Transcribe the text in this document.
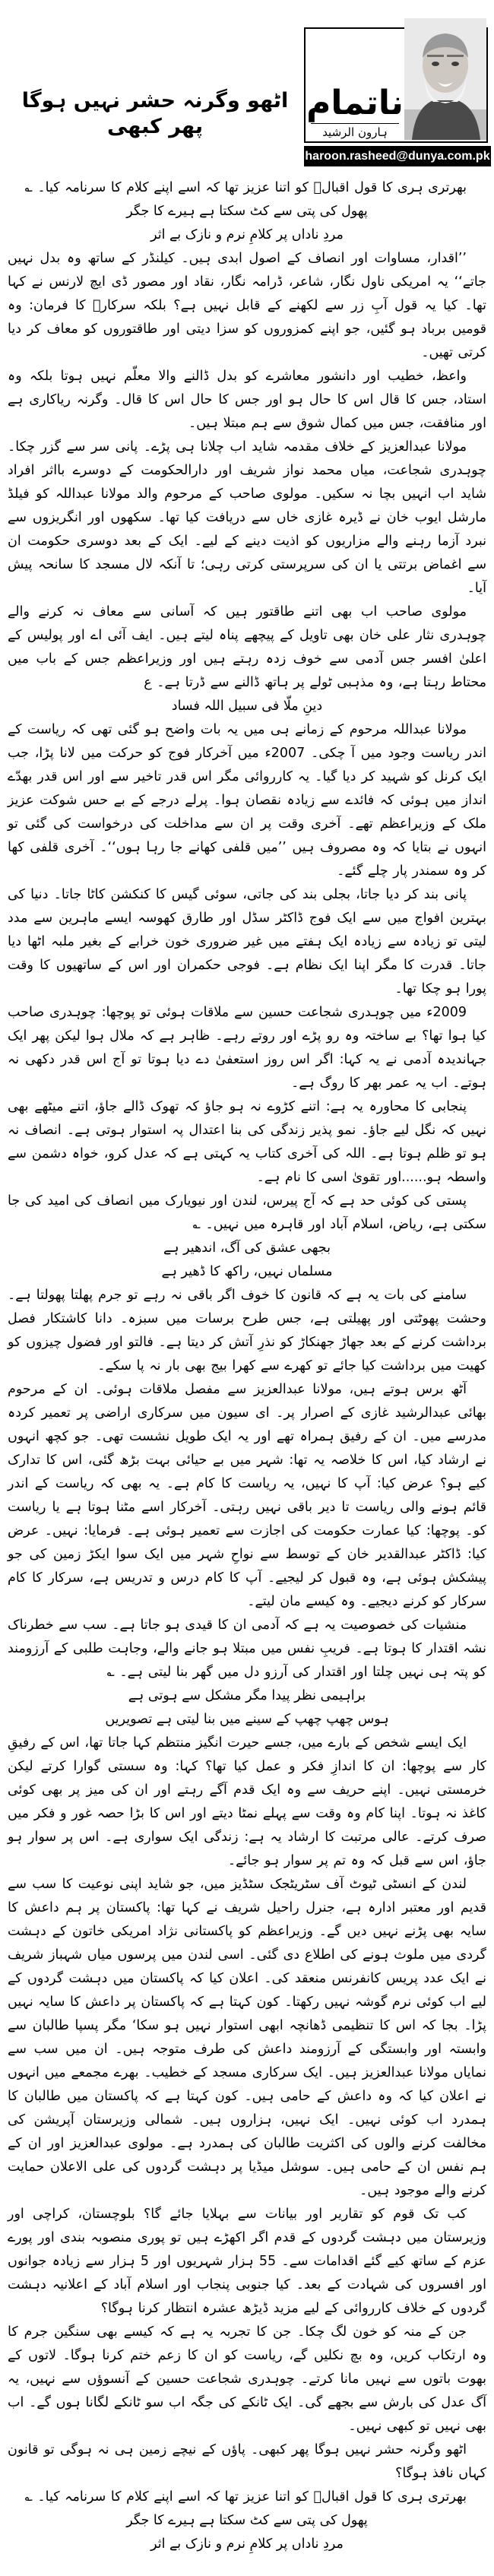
اٹھو وگرنہ حشر نہیں ہوگا پھر کبھی
ناتمام
ہارون الرشید
haroon.rasheed@dunya.com.pk

بھرتری ہری کا قول اقبالؔ کو اتنا عزیز تھا کہ اسے اپنے کلام کا سرنامہ کیا۔ ؎

پھول کی پتی سے کٹ سکتا ہے ہیرے کا جگر
مردِ ناداں پر کلامِ نرم و نازک بے اثر

’’اقدار، مساوات اور انصاف کے اصول ابدی ہیں۔ کیلنڈر کے ساتھ وہ بدل نہیں جاتے‘‘ یہ امریکی ناول نگار، شاعر، ڈرامہ نگار، نقاد اور مصور ڈی ایچ لارنس نے کہا تھا۔ کیا یہ قول آبِ زر سے لکھنے کے قابل نہیں ہے؟ بلکہ سرکارؐ کا فرمان: وہ قومیں برباد ہو گئیں، جو اپنے کمزوروں کو سزا دیتی اور طاقتوروں کو معاف کر دیا کرتی تھیں۔

واعظ، خطیب اور دانشور معاشرے کو بدل ڈالنے والا معلّم نہیں ہوتا بلکہ وہ استاد، جس کا قال اس کا حال ہو اور جس کا حال اس کا قال۔ وگرنہ ریاکاری ہے اور منافقت، جس میں کمال شوق سے ہم مبتلا ہیں۔

مولانا عبدالعزیز کے خلاف مقدمہ شاید اب چلانا ہی پڑے۔ پانی سر سے گزر چکا۔ چوہدری شجاعت، میاں محمد نواز شریف اور دارالحکومت کے دوسرے بااثر افراد شاید اب انہیں بچا نہ سکیں۔ مولوی صاحب کے مرحوم والد مولانا عبداللہ کو فیلڈ مارشل ایوب خان نے ڈیرہ غازی خاں سے دریافت کیا تھا۔ سکھوں اور انگریزوں سے نبرد آزما رہنے والے مزاریوں کو اذیت دینے کے لیے۔ ایک کے بعد دوسری حکومت ان سے اغماض برتتی یا ان کی سرپرستی کرتی رہی؛ تا آنکہ لال مسجد کا سانحہ پیش آیا۔

مولوی صاحب اب بھی اتنے طاقتور ہیں کہ آسانی سے معاف نہ کرنے والے چوہدری نثار علی خان بھی تاویل کے پیچھے پناہ لیتے ہیں۔ ایف آئی اے اور پولیس کے اعلیٰ افسر جس آدمی سے خوف زدہ رہتے ہیں اور وزیراعظم جس کے باب میں محتاط رہتا ہے، وہ مذہبی ٹولے پر ہاتھ ڈالنے سے ڈرتا ہے۔ ع

دینِ ملّا فی سبیل اللہ فساد

مولانا عبداللہ مرحوم کے زمانے ہی میں یہ بات واضح ہو گئی تھی کہ ریاست کے اندر ریاست وجود میں آ چکی۔ 2007ء میں آخرکار فوج کو حرکت میں لانا پڑا، جب ایک کرنل کو شہید کر دیا گیا۔ یہ کارروائی مگر اس قدر تاخیر سے اور اس قدر بھدّے انداز میں ہوئی کہ فائدے سے زیادہ نقصان ہوا۔ پرلے درجے کے بے حس شوکت عزیز ملک کے وزیراعظم تھے۔ آخری وقت پر ان سے مداخلت کی درخواست کی گئی تو انہوں نے بتایا کہ وہ مصروف ہیں ’’میں قلفی کھانے جا رہا ہوں‘‘۔ آخری قلفی کھا کر وہ سمندر پار چلے گئے۔

پانی بند کر دیا جاتا، بجلی بند کی جاتی، سوئی گیس کا کنکشن کاٹا جاتا۔ دنیا کی بہترین افواج میں سے ایک فوج ڈاکٹر سڈل اور طارق کھوسہ ایسے ماہرین سے مدد لیتی تو زیادہ سے زیادہ ایک ہفتے میں غیر ضروری خون خرابے کے بغیر ملبہ اٹھا دیا جاتا۔ قدرت کا مگر اپنا ایک نظام ہے۔ فوجی حکمران اور اس کے ساتھیوں کا وقت پورا ہو چکا تھا۔

2009ء میں چوہدری شجاعت حسین سے ملاقات ہوئی تو پوچھا: چوہدری صاحب کیا ہوا تھا؟ بے ساختہ وہ رو پڑے اور روتے رہے۔ ظاہر ہے کہ ملال ہوا لیکن پھر ایک جہاندیدہ آدمی نے یہ کہا: اگر اس روز استعفیٰ دے دیا ہوتا تو آج اس قدر دکھی نہ ہوتے۔ اب یہ عمر بھر کا روگ ہے۔

پنجابی کا محاورہ یہ ہے: اتنے کڑوے نہ ہو جاؤ کہ تھوک ڈالے جاؤ، اتنے میٹھے بھی نہیں کہ نگل لیے جاؤ۔ نمو پذیر زندگی کی بنا اعتدال پہ استوار ہوتی ہے۔ انصاف نہ ہو تو ظلم ہوتا ہے۔ اللہ کی آخری کتاب یہ کہتی ہے کہ عدل کرو، خواہ دشمن سے واسطہ ہو......اور تقویٰ اسی کا نام ہے۔

پستی کی کوئی حد ہے کہ آج پیرس، لندن اور نیویارک میں انصاف کی امید کی جا سکتی ہے، ریاض، اسلام آباد اور قاہرہ میں نہیں۔ ؎

بجھی عشق کی آگ، اندھیر ہے
مسلماں نہیں، راکھ کا ڈھیر ہے

سامنے کی بات یہ ہے کہ قانون کا خوف اگر باقی نہ رہے تو جرم پھلتا پھولتا ہے۔ وحشت پھوٹتی اور پھیلتی ہے، جس طرح برسات میں سبزہ۔ دانا کاشتکار فصل برداشت کرنے کے بعد جھاڑ جھنکاڑ کو نذرِ آتش کر دیتا ہے۔ فالتو اور فضول چیزوں کو کھیت میں برداشت کیا جائے تو کھرے سے کھرا بیج بھی بار نہ پا سکے۔

آٹھ برس ہوتے ہیں، مولانا عبدالعزیز سے مفصل ملاقات ہوئی۔ ان کے مرحوم بھائی عبدالرشید غازی کے اصرار پر۔ ای سیون میں سرکاری اراضی پر تعمیر کردہ مدرسے میں۔ ان کے رفیق ہمراہ تھے اور یہ ایک طویل نشست تھی۔ جو کچھ انہوں نے ارشاد کیا، اس کا خلاصہ یہ تھا: شہر میں بے حیائی بہت بڑھ گئی، اس کا تدارک کیے ہو؟ عرض کیا: آپ کا نہیں، یہ ریاست کا کام ہے۔ یہ بھی کہ ریاست کے اندر قائم ہونے والی ریاست تا دیر باقی نہیں رہتی۔ آخرکار اسے مٹنا ہوتا ہے یا ریاست کو۔ پوچھا: کیا عمارت حکومت کی اجازت سے تعمیر ہوئی ہے۔ فرمایا: نہیں۔ عرض کیا: ڈاکٹر عبدالقدیر خان کے توسط سے نواحِ شہر میں ایک سوا ایکڑ زمین کی جو پیشکش ہوئی ہے، وہ قبول کر لیجیے۔ آپ کا کام درس و تدریس ہے، سرکار کا کام سرکار کو کرنے دیجیے۔ وہ کیسے مان لیتے۔

منشیات کی خصوصیت یہ ہے کہ آدمی ان کا قیدی ہو جاتا ہے۔ سب سے خطرناک نشہ اقتدار کا ہوتا ہے۔ فریبِ نفس میں مبتلا ہو جانے والے، وجاہت طلبی کے آرزومند کو پتہ ہی نہیں چلتا اور اقتدار کی آرزو دل میں گھر بنا لیتی ہے۔ ؎

براہیمی نظر پیدا مگر مشکل سے ہوتی ہے
ہوس چھپ چھپ کے سینے میں بنا لیتی ہے تصویریں

ایک ایسے شخص کے بارے میں، جسے حیرت انگیز منتظم کہا جاتا تھا، اس کے رفیقِ کار سے پوچھا: ان کا اندازِ فکر و عمل کیا تھا؟ کہا: وہ سستی گوارا کرتے لیکن خرمستی نہیں۔ اپنے حریف سے وہ ایک قدم آگے رہتے اور ان کی میز پر بھی کوئی کاغذ نہ ہوتا۔ اپنا کام وہ وقت سے پہلے نمٹا دیتے اور اس کا بڑا حصہ غور و فکر میں صرف کرتے۔ عالی مرتبت کا ارشاد یہ ہے: زندگی ایک سواری ہے۔ اس پر سوار ہو جاؤ، اس سے قبل کہ وہ تم پر سوار ہو جائے۔

لندن کے انسٹی ٹیوٹ آف سٹریٹجک سٹڈیز میں، جو شاید اپنی نوعیت کا سب سے قدیم اور معتبر ادارہ ہے، جنرل راحیل شریف نے کہا تھا: پاکستان پر ہم داعش کا سایہ بھی پڑنے نہیں دیں گے۔ وزیراعظم کو پاکستانی نژاد امریکی خاتون کے دہشت گردی میں ملوث ہونے کی اطلاع دی گئی۔ اسی لندن میں پرسوں میاں شہباز شریف نے ایک عدد پریس کانفرنس منعقد کی۔ اعلان کیا کہ پاکستان میں دہشت گردوں کے لیے اب کوئی نرم گوشہ نہیں رکھتا۔ کون کہتا ہے کہ پاکستان پر داعش کا سایہ نہیں پڑا۔ بجا کہ اس کا تنظیمی ڈھانچہ ابھی استوار نہیں ہو سکا‘ مگر پسپا طالبان سے وابستہ اور وابستگی کے آرزومند داعش کی طرف متوجہ ہیں۔ ان میں سب سے نمایاں مولانا عبدالعزیز ہیں۔ ایک سرکاری مسجد کے خطیب۔ بھرے مجمعے میں انہوں نے اعلان کیا کہ وہ داعش کے حامی ہیں۔ کون کہتا ہے کہ پاکستان میں طالبان کا ہمدرد اب کوئی نہیں۔ ایک نہیں، ہزاروں ہیں۔ شمالی وزیرستان آپریشن کی مخالفت کرنے والوں کی اکثریت طالبان کی ہمدرد ہے۔ مولوی عبدالعزیز اور ان کے ہم نفس ان کے حامی ہیں۔ سوشل میڈیا پر دہشت گردوں کی علی الاعلان حمایت کرنے والے موجود ہیں۔

کب تک قوم کو تقاریر اور بیانات سے بہلایا جائے گا؟ بلوچستان، کراچی اور وزیرستان میں دہشت گردوں کے قدم اگر اکھڑے ہیں تو پوری منصوبہ بندی اور پورے عزم کے ساتھ کیے گئے اقدامات سے۔ 55 ہزار شہریوں اور 5 ہزار سے زیادہ جوانوں اور افسروں کی شہادت کے بعد۔ کیا جنوبی پنجاب اور اسلام آباد کے اعلانیہ دہشت گردوں کے خلاف کارروائی کے لیے مزید ڈیڑھ عشرہ انتظار کرنا ہوگا؟

جن کے منہ کو خون لگ چکا۔ جن کا تجربہ یہ ہے کہ کیسے بھی سنگین جرم کا وہ ارتکاب کریں، وہ بچ نکلیں گے، ریاست کو ان کا زعم ختم کرنا ہوگا۔ لاتوں کے بھوت باتوں سے نہیں مانا کرتے۔ چوہدری شجاعت حسین کے آنسوؤں سے نہیں، یہ آگ عدل کی بارش سے بجھے گی۔ ایک ٹانکے کی جگہ اب سو ٹانکے لگانا ہوں گے۔ اب بھی نہیں تو کبھی نہیں۔

اٹھو وگرنہ حشر نہیں ہوگا پھر کبھی۔ پاؤں کے نیچے زمین ہی نہ ہوگی تو قانون کہاں نافذ ہوگا؟

بھرتری ہری کا قول اقبالؔ کو اتنا عزیز تھا کہ اسے اپنے کلام کا سرنامہ کیا۔ ؎

پھول کی پتی سے کٹ سکتا ہے ہیرے کا جگر
مردِ ناداں پر کلامِ نرم و نازک بے اثر
